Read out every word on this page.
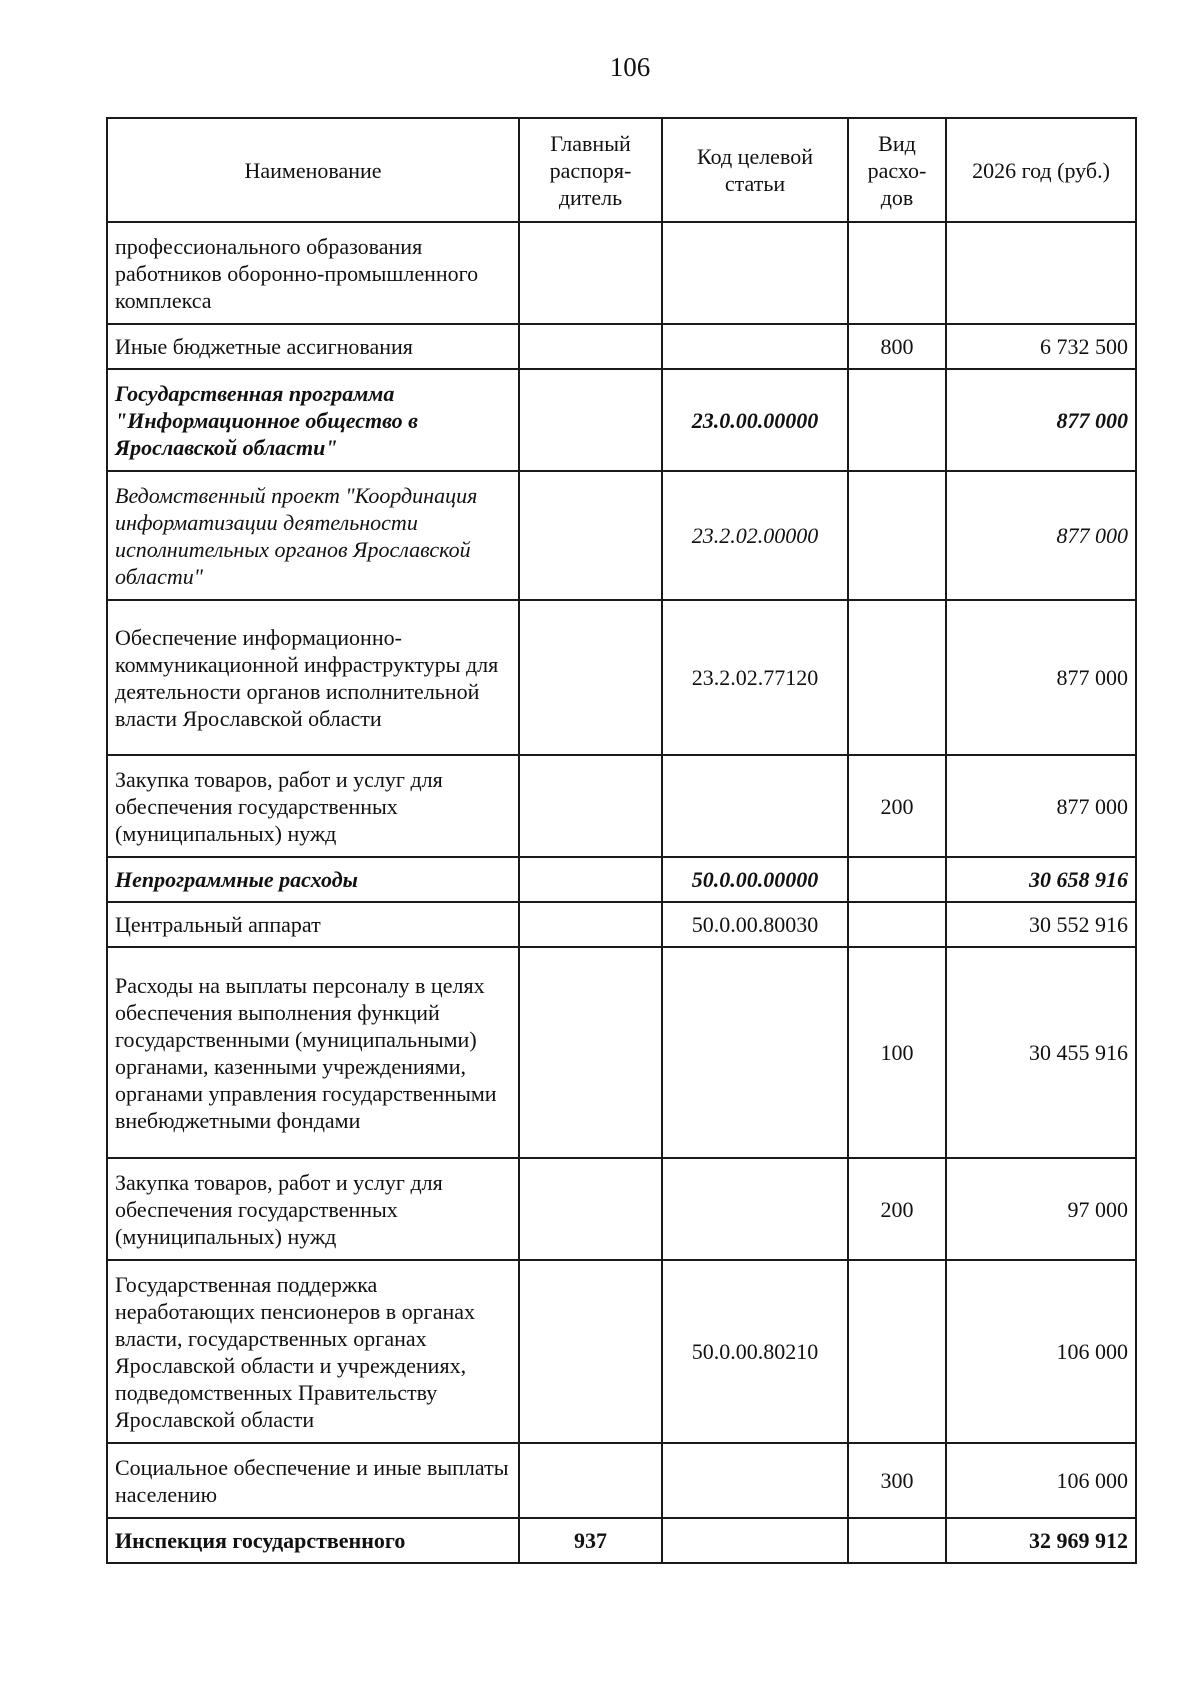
106
Наименование	Главный распоря-дитель	Код целевой статьи	Вид расхо-дов	2026 год (руб.)
профессионального образования работников оборонно-промышленного комплекса				
Иные бюджетные ассигнования			800	6 732 500
Государственная программа "Информационное общество в Ярославской области"		23.0.00.00000		877 000
Ведомственный проект "Координация информатизации деятельности исполнительных органов Ярославской области"		23.2.02.00000		877 000
Обеспечение информационно-коммуникационной инфраструктуры для деятельности органов исполнительной власти Ярославской области		23.2.02.77120		877 000
Закупка товаров, работ и услуг для обеспечения государственных (муниципальных) нужд			200	877 000
Непрограммные расходы		50.0.00.00000		30 658 916
Центральный аппарат		50.0.00.80030		30 552 916
Расходы на выплаты персоналу в целях обеспечения выполнения функций государственными (муниципальными) органами, казенными учреждениями, органами управления государственными внебюджетными фондами			100	30 455 916
Закупка товаров, работ и услуг для обеспечения государственных (муниципальных) нужд			200	97 000
Государственная поддержка неработающих пенсионеров в органах власти, государственных органах Ярославской области и учреждениях, подведомственных Правительству Ярославской области		50.0.00.80210		106 000
Социальное обеспечение и иные выплаты населению			300	106 000
Инспекция государственного	937			32 969 912
